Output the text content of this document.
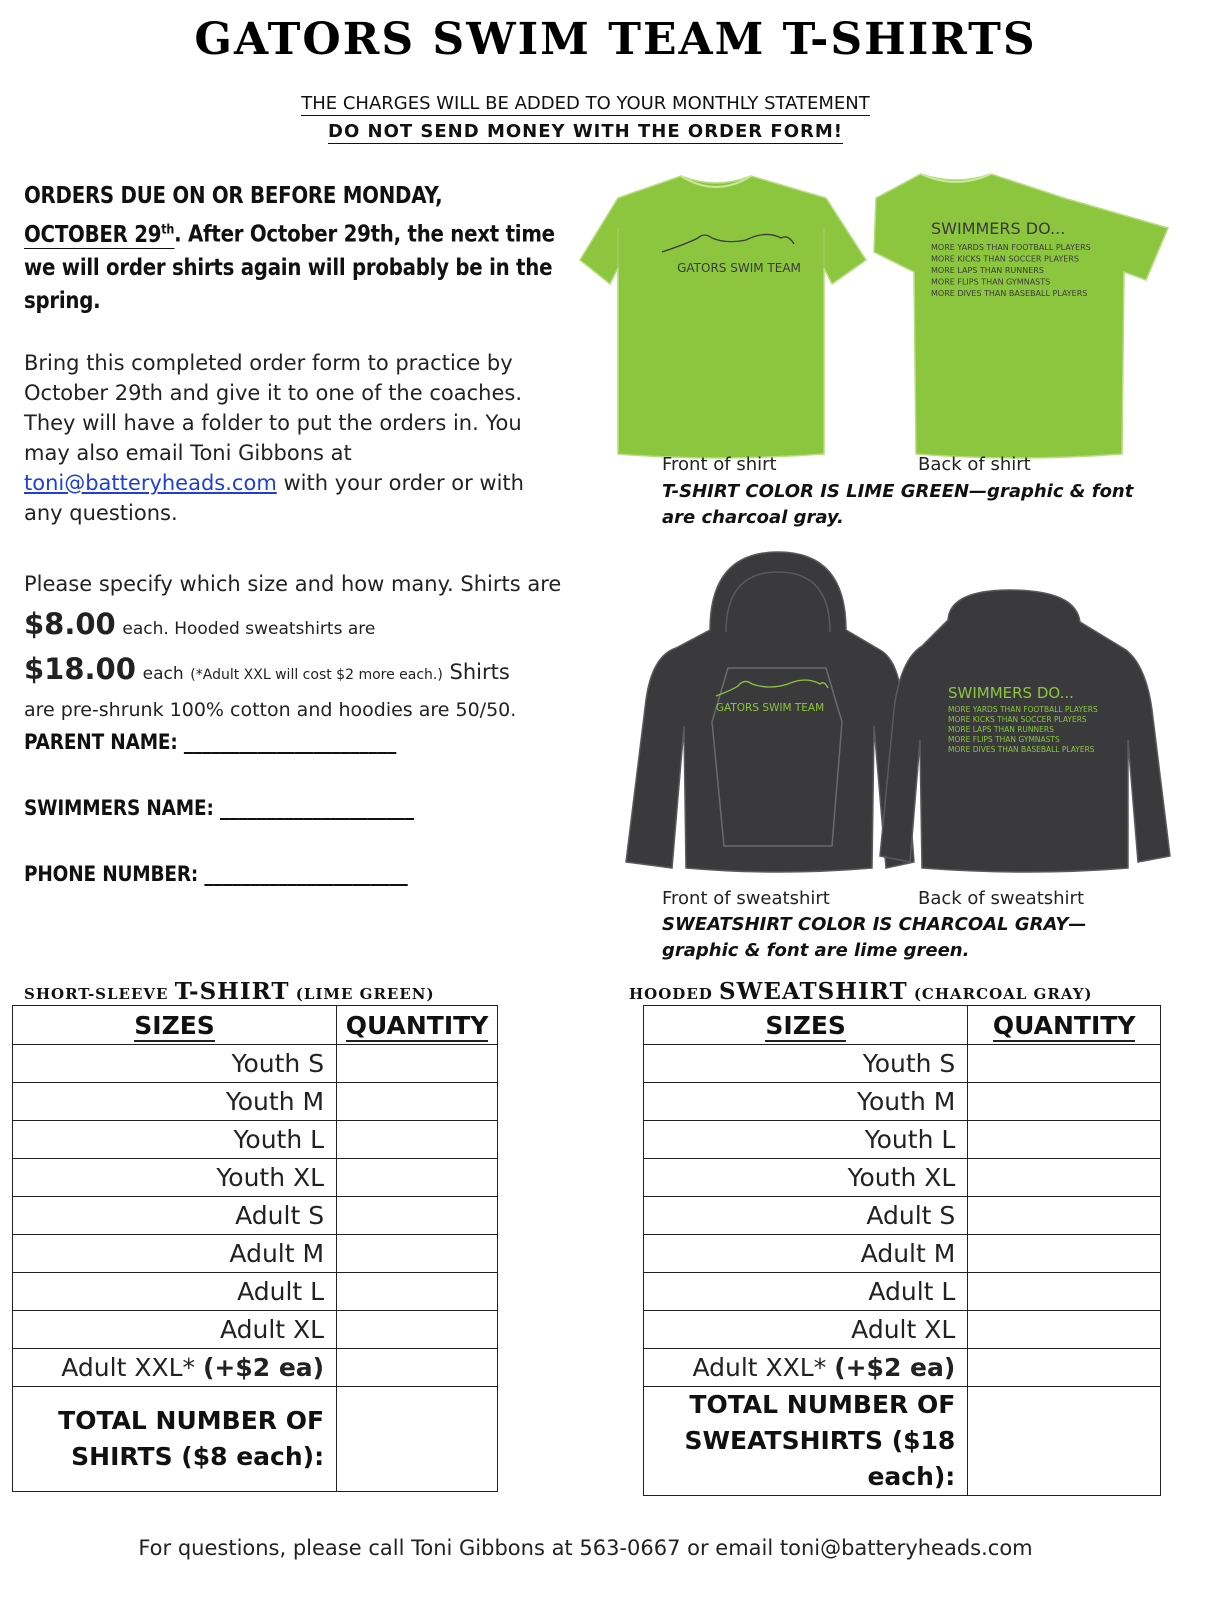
GATORS SWIM TEAM T-SHIRTS
THE CHARGES WILL BE ADDED TO YOUR MONTHLY STATEMENT
DO NOT SEND MONEY WITH THE ORDER FORM!
ORDERS DUE ON OR BEFORE MONDAY,
OCTOBER 29th. After October 29th, the next time we will order shirts again will probably be in the spring.
Bring this completed order form to practice by October 29th and give it to one of the coaches. They will have a folder to put the orders in. You may also email Toni Gibbons at toni@batteryheads.com with your order or with any questions.
Please specify which size and how many. Shirts are $8.00 each. Hooded sweatshirts are
$18.00 each (*Adult XXL will cost $2 more each.) Shirts
are pre-shrunk 100% cotton and hoodies are 50/50.
PARENT NAME: _______________________
SWIMMERS NAME: _____________________
PHONE NUMBER: ______________________
GATORS SWIM TEAM
SWIMMERS DO...
MORE YARDS THAN FOOTBALL PLAYERS
MORE KICKS THAN SOCCER PLAYERS
MORE LAPS THAN RUNNERS
MORE FLIPS THAN GYMNASTS
MORE DIVES THAN BASEBALL PLAYERS
Front of shirt	Back of shirt
T-SHIRT COLOR IS LIME GREEN—graphic & font are charcoal gray.
GATORS SWIM TEAM
SWIMMERS DO...
MORE YARDS THAN FOOTBALL PLAYERS
MORE KICKS THAN SOCCER PLAYERS
MORE LAPS THAN RUNNERS
MORE FLIPS THAN GYMNASTS
MORE DIVES THAN BASEBALL PLAYERS
Front of sweatshirt	Back of sweatshirt
SWEATSHIRT COLOR IS CHARCOAL GRAY—
graphic & font are lime green.
SHORT-SLEEVE T-SHIRT (LIME GREEN)	HOODED SWEATSHIRT (CHARCOAL GRAY)
SIZES	QUANTITY
Youth S	
Youth M	
Youth L	
Youth XL	
Adult S	
Adult M	
Adult L	
Adult XL	
Adult XXL* (+$2 ea)	
TOTAL NUMBER OF SHIRTS ($8 each):	
SIZES	QUANTITY
Youth S	
Youth M	
Youth L	
Youth XL	
Adult S	
Adult M	
Adult L	
Adult XL	
Adult XXL* (+$2 ea)	
TOTAL NUMBER OF SWEATSHIRTS ($18 each):	
For questions, please call Toni Gibbons at 563-0667 or email toni@batteryheads.com
